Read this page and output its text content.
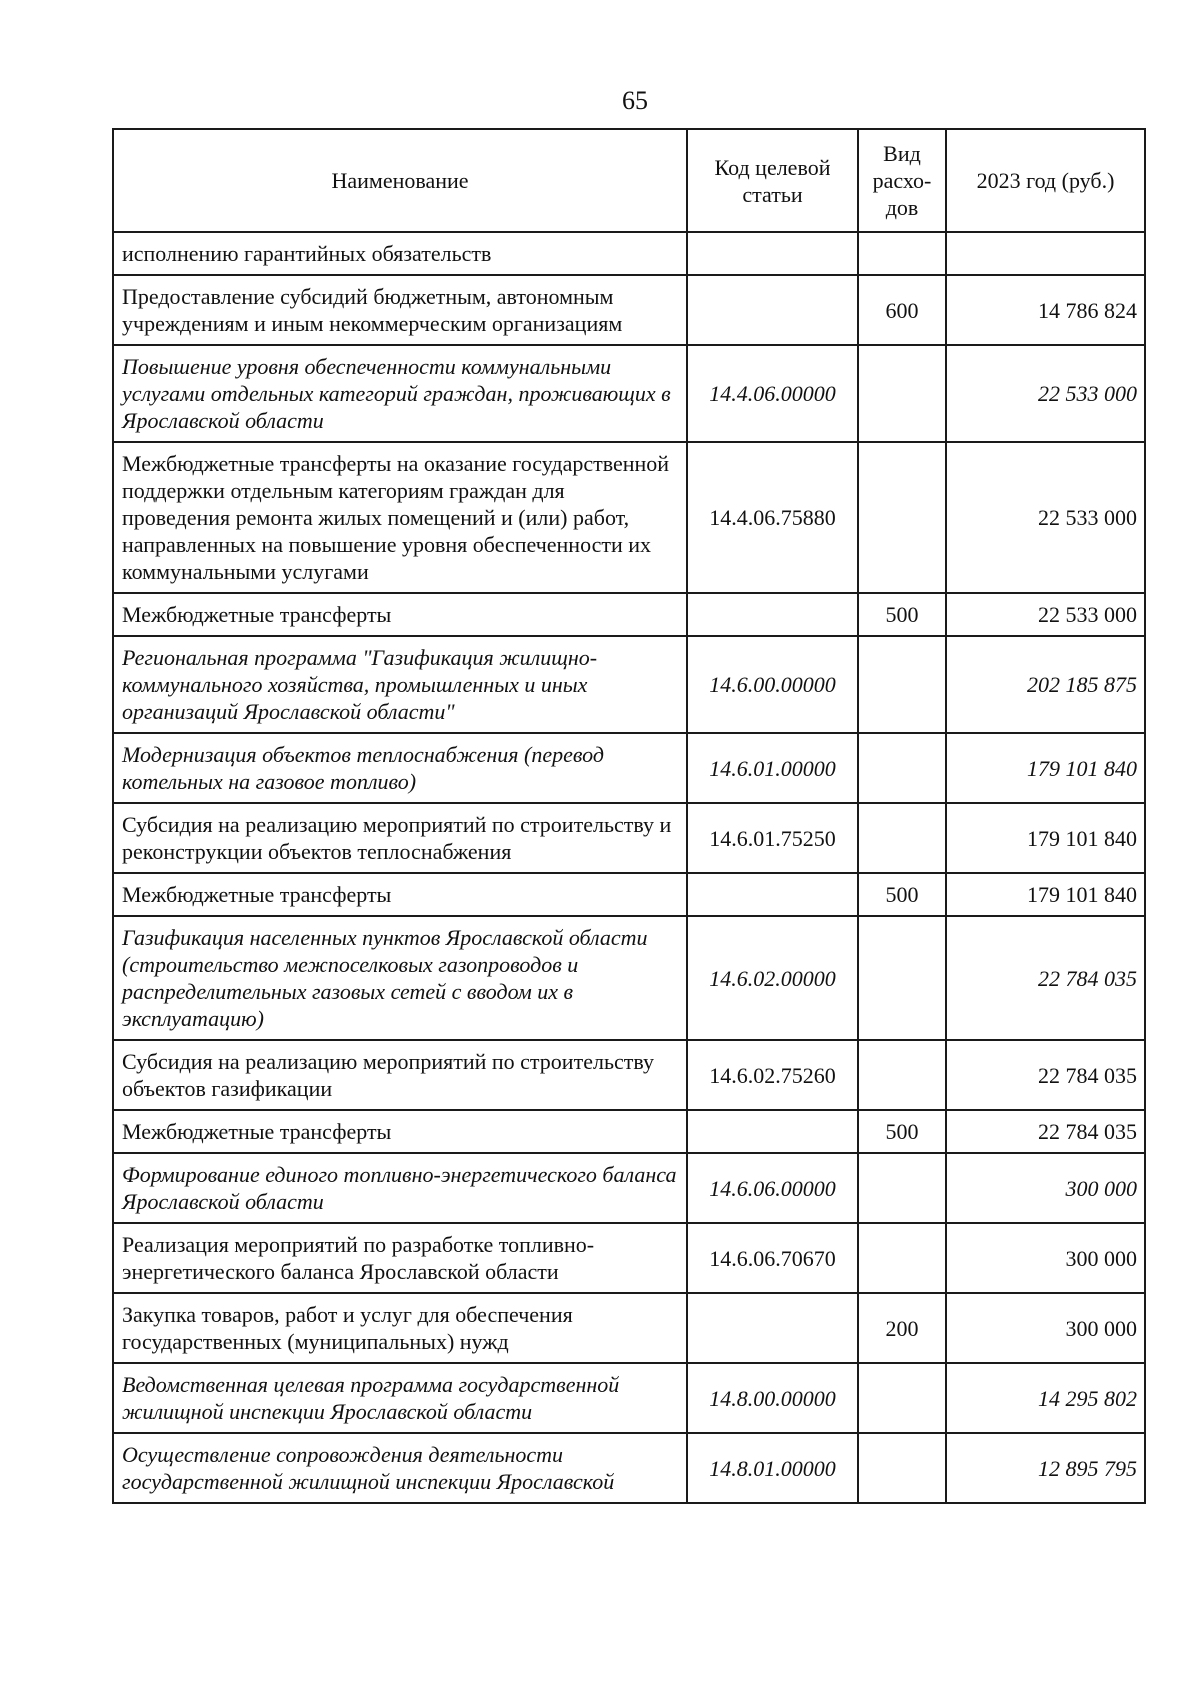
65
Наименование	Код целевой статьи	Вид расхо-дов	2023 год (руб.)
исполнению гарантийных обязательств			
Предоставление субсидий бюджетным, автономным учреждениям и иным некоммерческим организациям		600	14 786 824
Повышение уровня обеспеченности коммунальными услугами отдельных категорий граждан, проживающих в Ярославской области	14.4.06.00000		22 533 000
Межбюджетные трансферты на оказание государственной поддержки отдельным категориям граждан для проведения ремонта жилых помещений и (или) работ, направленных на повышение уровня обеспеченности их коммунальными услугами	14.4.06.75880		22 533 000
Межбюджетные трансферты		500	22 533 000
Региональная программа "Газификация жилищно-коммунального хозяйства, промышленных и иных организаций Ярославской области"	14.6.00.00000		202 185 875
Модернизация объектов теплоснабжения (перевод котельных на газовое топливо)	14.6.01.00000		179 101 840
Субсидия на реализацию мероприятий по строительству и реконструкции объектов теплоснабжения	14.6.01.75250		179 101 840
Межбюджетные трансферты		500	179 101 840
Газификация населенных пунктов Ярославской области (строительство межпоселковых газопроводов и распределительных газовых сетей с вводом их в эксплуатацию)	14.6.02.00000		22 784 035
Субсидия на реализацию мероприятий по строительству объектов газификации	14.6.02.75260		22 784 035
Межбюджетные трансферты		500	22 784 035
Формирование единого топливно-энергетического баланса Ярославской области	14.6.06.00000		300 000
Реализация мероприятий по разработке топливно-энергетического баланса Ярославской области	14.6.06.70670		300 000
Закупка товаров, работ и услуг для обеспечения государственных (муниципальных) нужд		200	300 000
Ведомственная целевая программа государственной жилищной инспекции Ярославской области	14.8.00.00000		14 295 802
Осуществление сопровождения деятельности государственной жилищной инспекции Ярославской	14.8.01.00000		12 895 795
